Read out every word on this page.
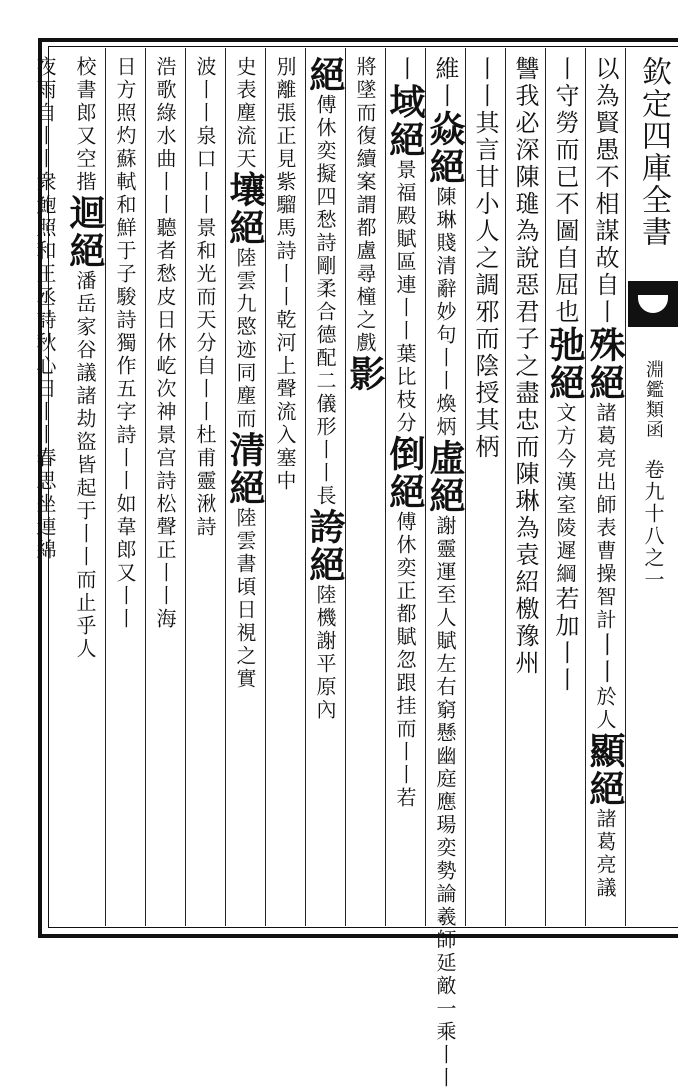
欽定四庫全書  淵鑑類函 卷九十八之一
以為賢愚不相謀故自丨殊絕諸葛亮出師表曹操智計丨丨於人顯絕諸葛亮議
丨守勞而已不圖自屈也弛絕文方今漢室陵遲綱若加丨丨
讐我必深陳璡為說惡君子之盡忠而陳琳為袁紹檄豫州
丨丨其言甘小人之調邪而陰授其柄
維丨焱絕陳琳賤清辭妙句丨丨煥炳虛絕謝靈運至人賦左右窮懸幽庭應瑒奕勢論羲師延敵一乘丨丨
丨域絕景福殿賦區連丨丨葉比枝分倒絕傅休奕正都賦忽跟挂而丨丨若
將墜而復續案謂都盧尋橦之戲影
絕傅休奕擬四愁詩剛柔合德配二儀形丨丨長誇絕陸機謝平原內
別離張正見紫騮馬詩丨丨乾河上聲流入塞中
史表塵流天壤絕陸雲九愍迹同塵而清絕陸雲書頃日視之實
波丨丨泉口丨丨景和光而天分自丨丨杜甫靈湫詩
浩歌綠水曲丨丨聽者愁皮日休屹次神景宫詩松聲正丨丨海
日方照灼蘇軾和鮮于子駿詩獨作五字詩丨丨如韋郎又丨丨
校書郎又空揩迴絕潘岳家谷議諸劫盜皆起于丨丨而止乎人
夜雨自丨丨衆鮑照和王丞詩秋心日丨丨春思坐連綿
